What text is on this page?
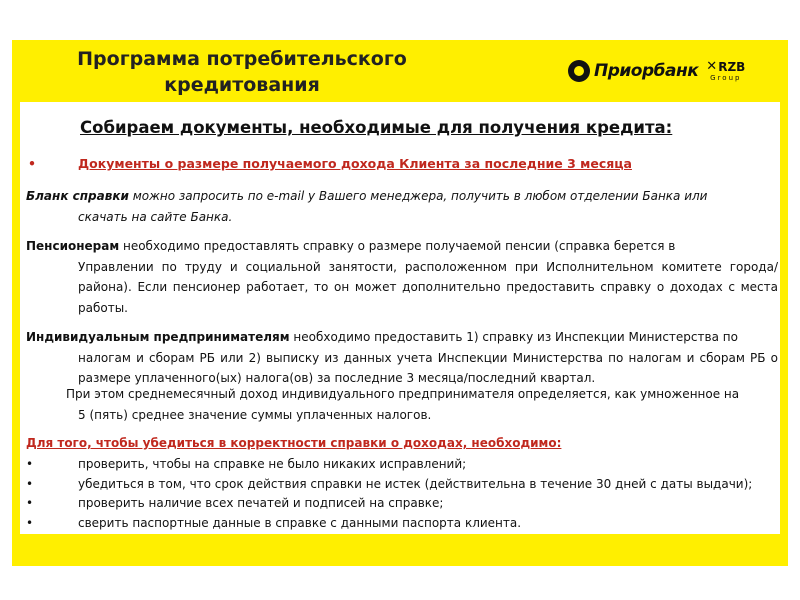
Программа потребительского
кредитования
Приорбанк ✕ RZB
Group
Собираем документы, необходимые для получения кредита:
•	Документы о размере получаемого дохода Клиента за последние 3 месяца
Бланк справки можно запросить по e-mail у Вашего менеджера, получить в любом отделении Банка или
скачать на сайте Банка.
Пенсионерам необходимо предоставлять справку о размере получаемой пенсии (справка берется в
Управлении по труду и социальной занятости, расположенном при Исполнительном комитете города/района). Если пенсионер работает, то он может дополнительно предоставить справку о доходах с места работы.
Индивидуальным предпринимателям необходимо предоставить 1) справку из Инспекции Министерства по
налогам и сборам РБ или 2) выписку из данных учета Инспекции Министерства по налогам и сборам РБ о размере уплаченного(ых) налога(ов) за последние 3 месяца/последний квартал.
При этом среднемесячный доход индивидуального предпринимателя определяется, как умноженное на
5 (пять) среднее значение суммы уплаченных налогов.
Для того, чтобы убедиться в корректности справки о доходах, необходимо:
•	проверить, чтобы на справке не было никаких исправлений;
•	убедиться в том, что срок действия справки не истек (действительна в течение 30 дней с даты выдачи);
•	проверить наличие всех печатей и подписей на справке;
•	сверить паспортные данные в справке с данными паспорта клиента.
